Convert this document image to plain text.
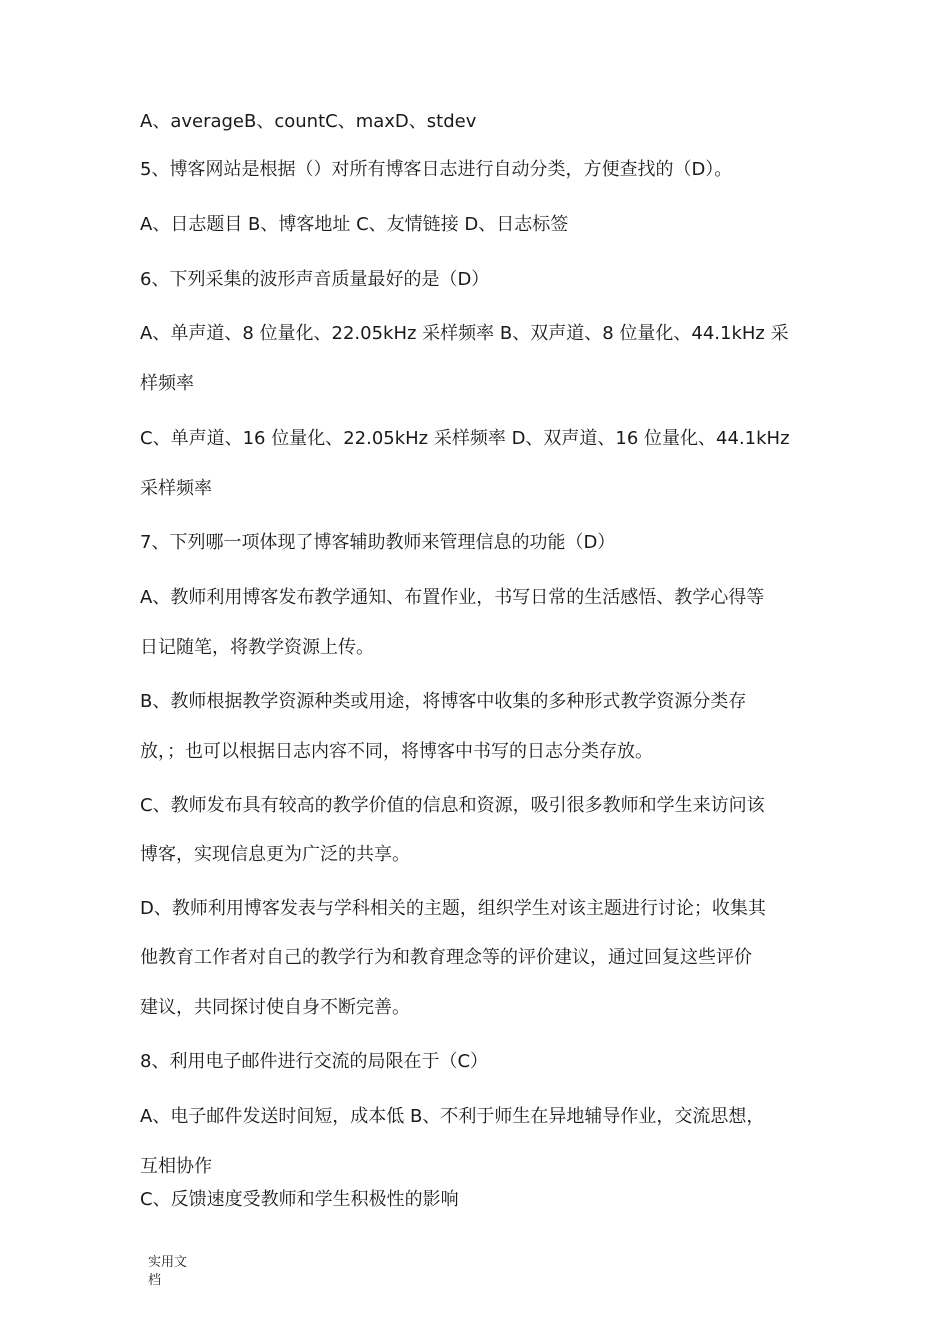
A、averageB、countC、maxD、stdev
5、博客网站是根据（）对所有博客日志进行自动分类，方便查找的（D）。
A、日志题目 B、博客地址 C、友情链接 D、日志标签
6、下列采集的波形声音质量最好的是（D）
A、单声道、8 位量化、22.05kHz 采样频率 B、双声道、8 位量化、44.1kHz 采
样频率
C、单声道、16 位量化、22.05kHz 采样频率 D、双声道、16 位量化、44.1kHz
采样频率
7、下列哪一项体现了博客辅助教师来管理信息的功能（D）
A、教师利用博客发布教学通知、布置作业，书写日常的生活感悟、教学心得等
日记随笔，将教学资源上传。
B、教师根据教学资源种类或用途，将博客中收集的多种形式教学资源分类存
放，；也可以根据日志内容不同，将博客中书写的日志分类存放。
C、教师发布具有较高的教学价值的信息和资源，吸引很多教师和学生来访问该
博客，实现信息更为广泛的共享。
D、教师利用博客发表与学科相关的主题，组织学生对该主题进行讨论；收集其
他教育工作者对自己的教学行为和教育理念等的评价建议，通过回复这些评价
建议，共同探讨使自身不断完善。
8、利用电子邮件进行交流的局限在于（C）
A、电子邮件发送时间短，成本低 B、不利于师生在异地辅导作业，交流思想，
互相协作
C、反馈速度受教师和学生积极性的影响
实用文档
